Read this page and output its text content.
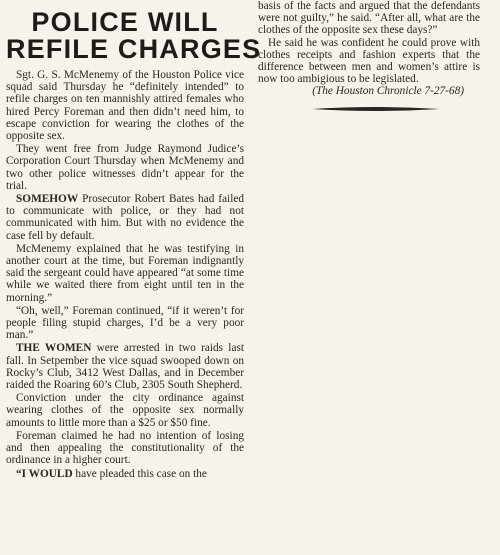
POLICE WILL
REFILE CHARGES

Sgt. G. S. McMenemy of the Houston Police vice squad said Thursday he “definitely intended” to refile charges on ten mannishly attired females who hired Percy Foreman and then didn’t need him, to escape conviction for wearing the clothes of the opposite sex.

They went free from Judge Raymond Judice’s Corporation Court Thursday when McMenemy and two other police witnesses didn’t appear for the trial.

SOMEHOW Prosecutor Robert Bates had failed to communicate with police, or they had not communicated with him. But with no evidence the case fell by default.

McMenemy explained that he was testifying in another court at the time, but Foreman indignantly said the sergeant could have appeared “at some time while we waited there from eight until ten in the morning.”

“Oh, well,” Foreman continued, “if it weren’t for people filing stupid charges, I’d be a very poor man.”

THE WOMEN were arrested in two raids last fall. In Setpember the vice squad swooped down on Rocky’s Club, 3412 West Dallas, and in December raided the Roaring 60’s Club, 2305 South Shepherd.

Conviction under the city ordinance against wearing clothes of the opposite sex normally amounts to little more than a $25 or $50 fine.

Foreman claimed he had no intention of losing and then appealing the constitutionality of the ordinance in a higher court.

“I WOULD have pleaded this case on the

basis of the facts and argued that the defendants were not guilty,” he said. “After all, what are the clothes of the opposite sex these days?”

He said he was confident he could prove with clothes receipts and fashion experts that the difference between men and women’s attire is now too ambigious to be legislated.

(The Houston Chronicle 7-27-68)
